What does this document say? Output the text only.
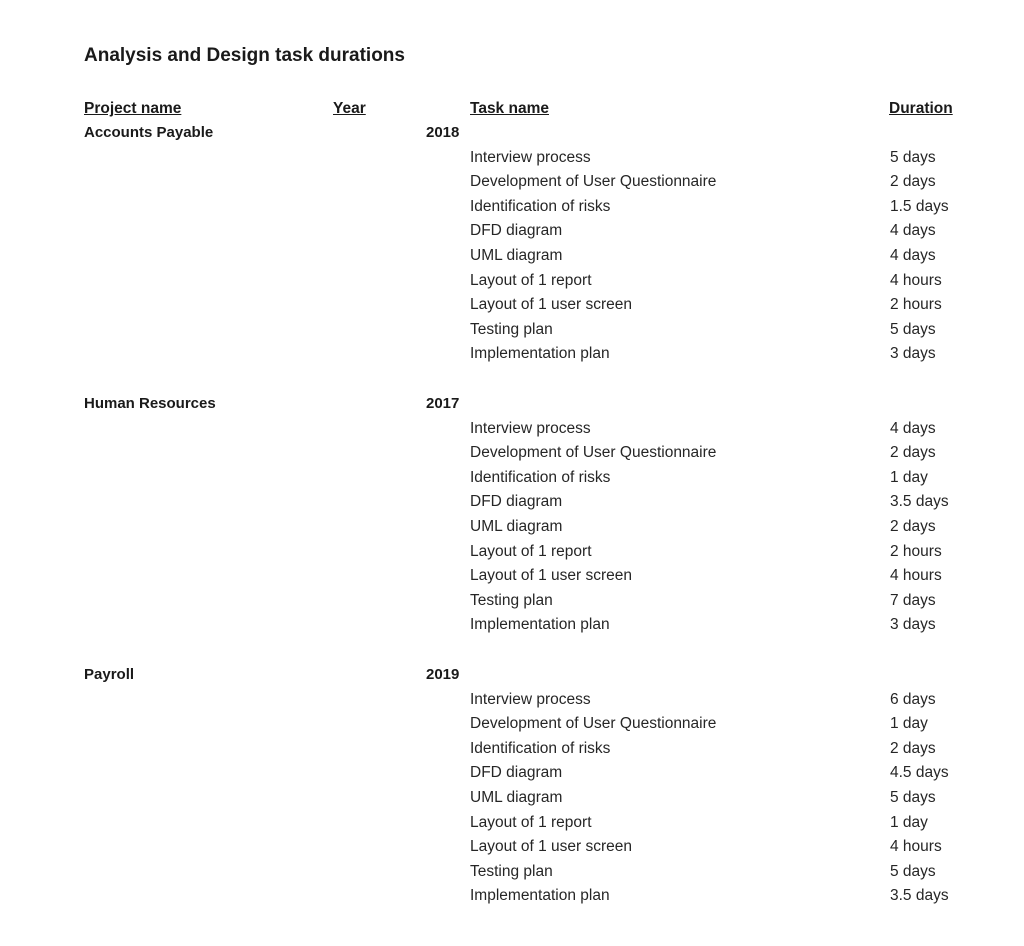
Analysis and Design task durations
Project name	Year	Task name	Duration
Accounts Payable	2018
Interview process	5 days
Development of User Questionnaire	2 days
Identification of risks	1.5 days
DFD diagram	4 days
UML diagram	4 days
Layout of 1 report	4 hours
Layout of 1 user screen	2 hours
Testing plan	5 days
Implementation plan	3 days
Human Resources	2017
Interview process	4 days
Development of User Questionnaire	2 days
Identification of risks	1 day
DFD diagram	3.5 days
UML diagram	2 days
Layout of 1 report	2 hours
Layout of 1 user screen	4 hours
Testing plan	7 days
Implementation plan	3 days
Payroll	2019
Interview process	6 days
Development of User Questionnaire	1 day
Identification of risks	2 days
DFD diagram	4.5 days
UML diagram	5 days
Layout of 1 report	1 day
Layout of 1 user screen	4 hours
Testing plan	5 days
Implementation plan	3.5 days
